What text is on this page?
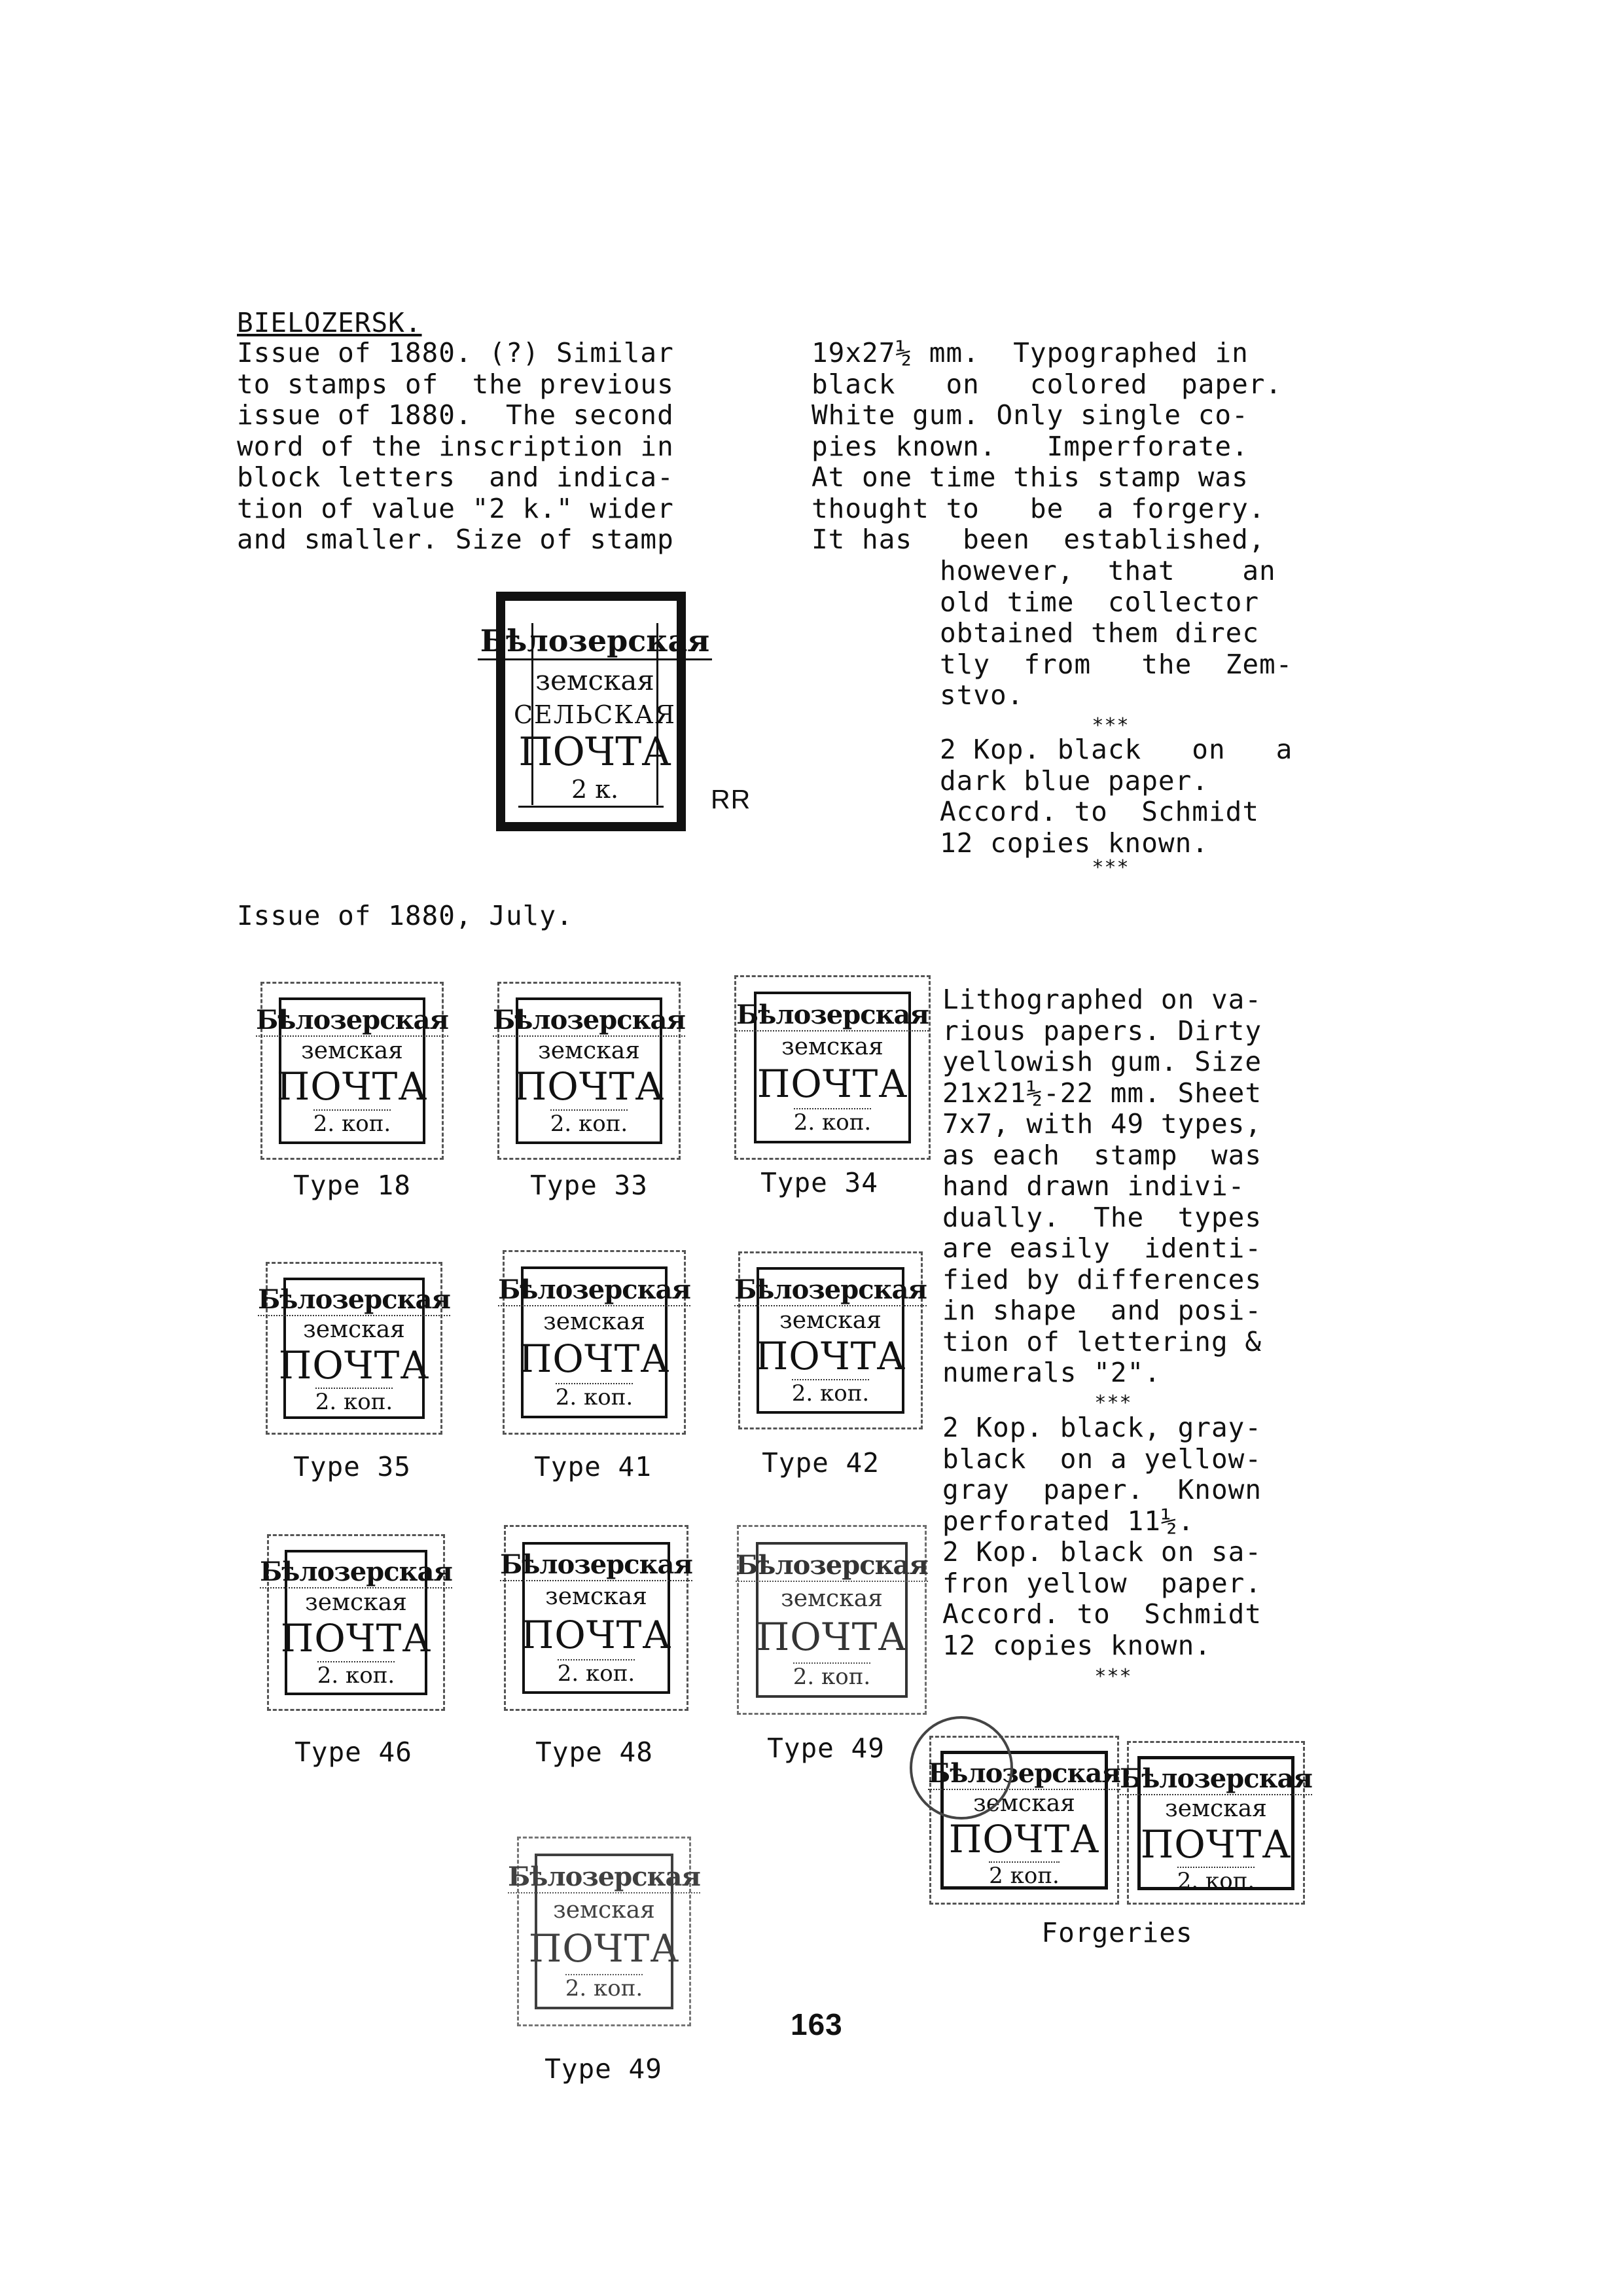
BIELOZERSK.
Issue of 1880. (?) Similar
to stamps of  the previous
issue of 1880.  The second
word of the inscription in
block letters  and indica-
tion of value "2 k." wider
and smaller. Size of stamp
19x27½ mm.  Typographed in
black   on   colored  paper.
White gum. Only single co-
pies known.   Imperforate.
At one time this stamp was
thought to   be  a forgery.
It has   been  established,
however,  that    an
old time  collector
obtained them direc
tly  from   the  Zem-
stvo.
***
2 Kop. black   on   a
dark blue paper.
Accord. to  Schmidt
12 copies known.
***
Бѣлозерская
земская
СЕЛЬСКАЯ
ПОЧТА
2 к.	RR
Issue of 1880, July.
Бѣлозерская
земская
ПОЧТА
2. коп.
Бѣлозерская
земская
ПОЧТА
2. коп.
Бѣлозерская
земская
ПОЧТА
2. коп.
Type 18	Type 33	Type 34
Бѣлозерская
земская
ПОЧТА
2. коп.
Бѣлозерская
земская
ПОЧТА
2. коп.
Бѣлозерская
земская
ПОЧТА
2. коп.
Type 35	Type 41	Type 42
Бѣлозерская
земская
ПОЧТА
2. коп.
Бѣлозерская
земская
ПОЧТА
2. коп.
Бѣлозерская
земская
ПОЧТА
2. коп.
Type 46	Type 48	Type 49
Бѣлозерская
земская
ПОЧТА
2. коп.
Type 49
Lithographed on va-
rious papers. Dirty
yellowish gum. Size
21x21½-22 mm. Sheet
7x7, with 49 types,
as each  stamp  was
hand drawn indivi-
dually.  The  types
are easily  identi-
fied by differences
in shape  and posi-
tion of lettering &
numerals "2".
***
2 Kop. black, gray-
black  on a yellow-
gray  paper.  Known
perforated 11½.
2 Kop. black on sa-
fron yellow  paper.
Accord. to  Schmidt
12 copies known.
***
Бѣлозерская
земская
ПОЧТА
2 коп.
Бѣлозерская
земская
ПОЧТА
2. коп.
Forgeries
163
